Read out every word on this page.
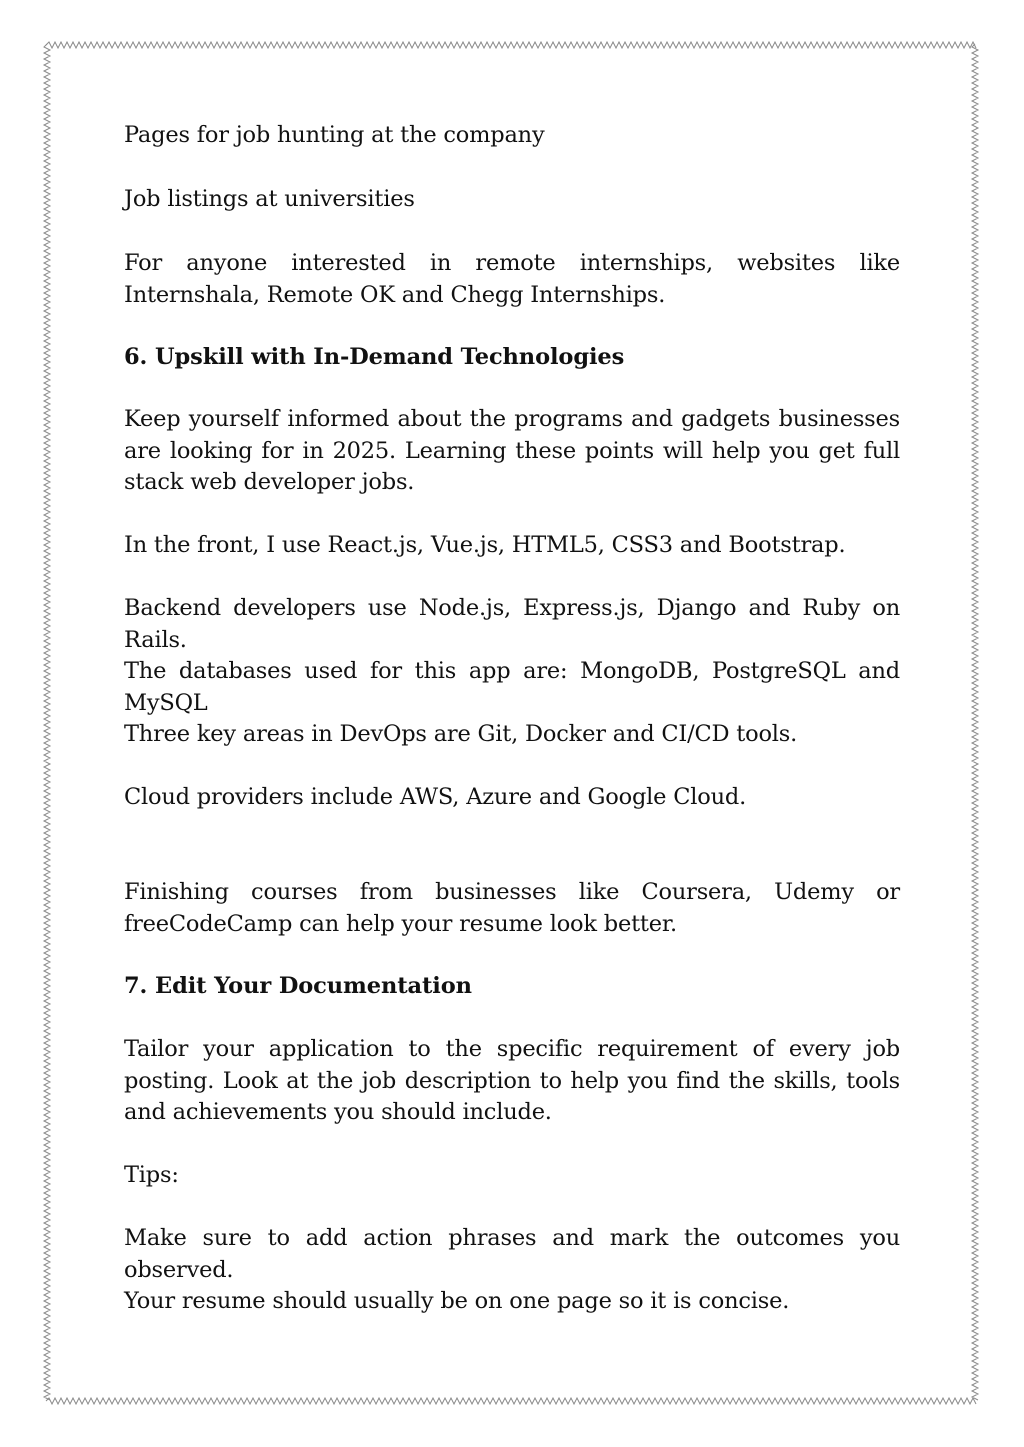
Pages for job hunting at the company

Job listings at universities

For anyone interested in remote internships, websites like Internshala, Remote OK and Chegg Internships.

6. Upskill with In-Demand Technologies

Keep yourself informed about the programs and gadgets businesses are looking for in 2025. Learning these points will help you get full stack web developer jobs.

In the front, I use React.js, Vue.js, HTML5, CSS3 and Bootstrap.

Backend developers use Node.js, Express.js, Django and Ruby on Rails.

The databases used for this app are: MongoDB, PostgreSQL and MySQL

Three key areas in DevOps are Git, Docker and CI/CD tools.

Cloud providers include AWS, Azure and Google Cloud.

Finishing courses from businesses like Coursera, Udemy or freeCodeCamp can help your resume look better.

7. Edit Your Documentation

Tailor your application to the specific requirement of every job posting. Look at the job description to help you find the skills, tools and achievements you should include.

Tips:

Make sure to add action phrases and mark the outcomes you observed.

Your resume should usually be on one page so it is concise.
